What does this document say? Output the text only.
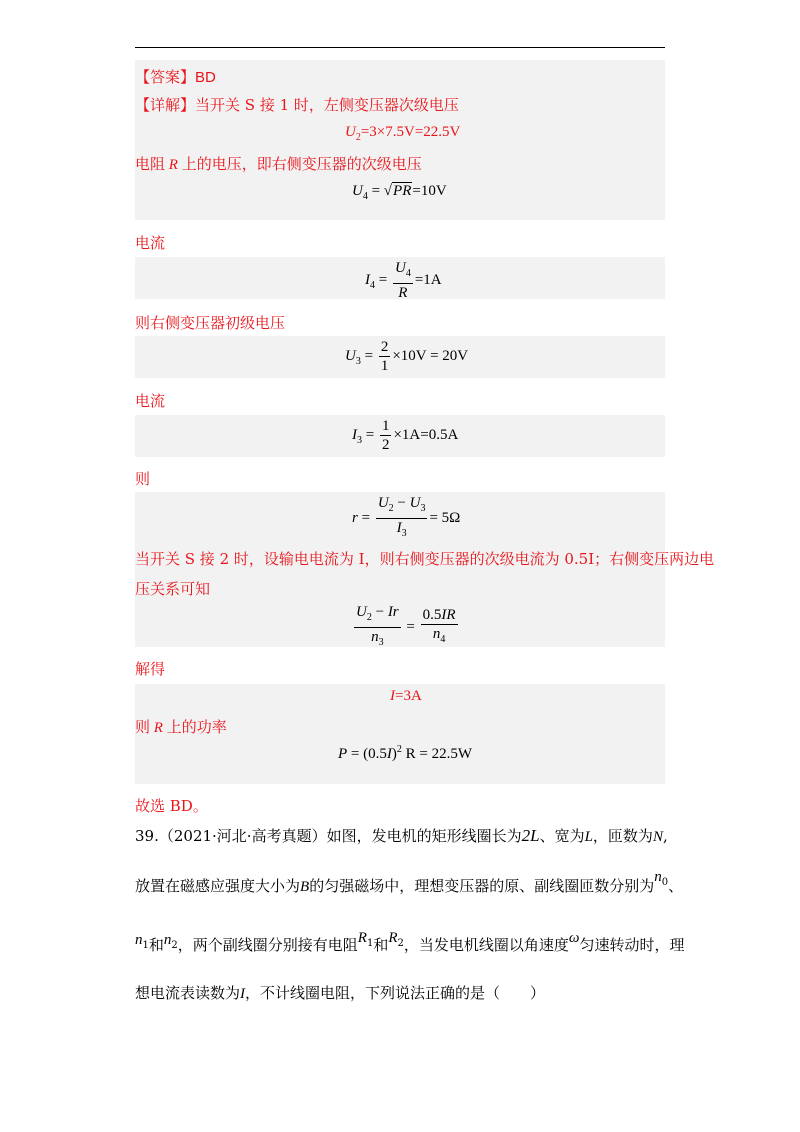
【答案】BD
【详解】当开关 S 接 1 时，左侧变压器次级电压
$U_2=3\times 7.5V=22.5V$
电阻 R 上的电压，即右侧变压器的次级电压
$U_4 = √PR=10V$
电流
$I_4 = \frac{U_4}{R} =1A$
则右侧变压器初级电压
$U_3 = \frac{2}{1} \times 10V = 20V$
电流
$I_3 = \frac{1}{2} \times 1A=0.5A$
则
$r = \frac{U_2 - U_3}{I_3} = 5\Omega$
当开关 S 接 2 时，设输电电流为 I，则右侧变压器的次级电流为 0.5I；右侧变压两边电
压关系可知
$\frac{U_2 - Ir}{n_3} = \frac{0.5IR}{n_4}$
解得
I=3A
则 R 上的功率
$P = (0.5I)^2$ R = 22.5W
故选 BD。
39.（2021·河北·高考真题）如图，发电机的矩形线圈长为2L、宽为L，匝数为N,
放置在磁感应强度大小为B的匀强磁场中，理想变压器的原、副线圈匝数分别为$n_0$、
$n_1$和$n_2$，两个副线圈分别接有电阻$R_1$和$R_2$，当发电机线圈以角速度ω匀速转动时，理
想电流表读数为I，不计线圈电阻，下列说法正确的是（　　）
